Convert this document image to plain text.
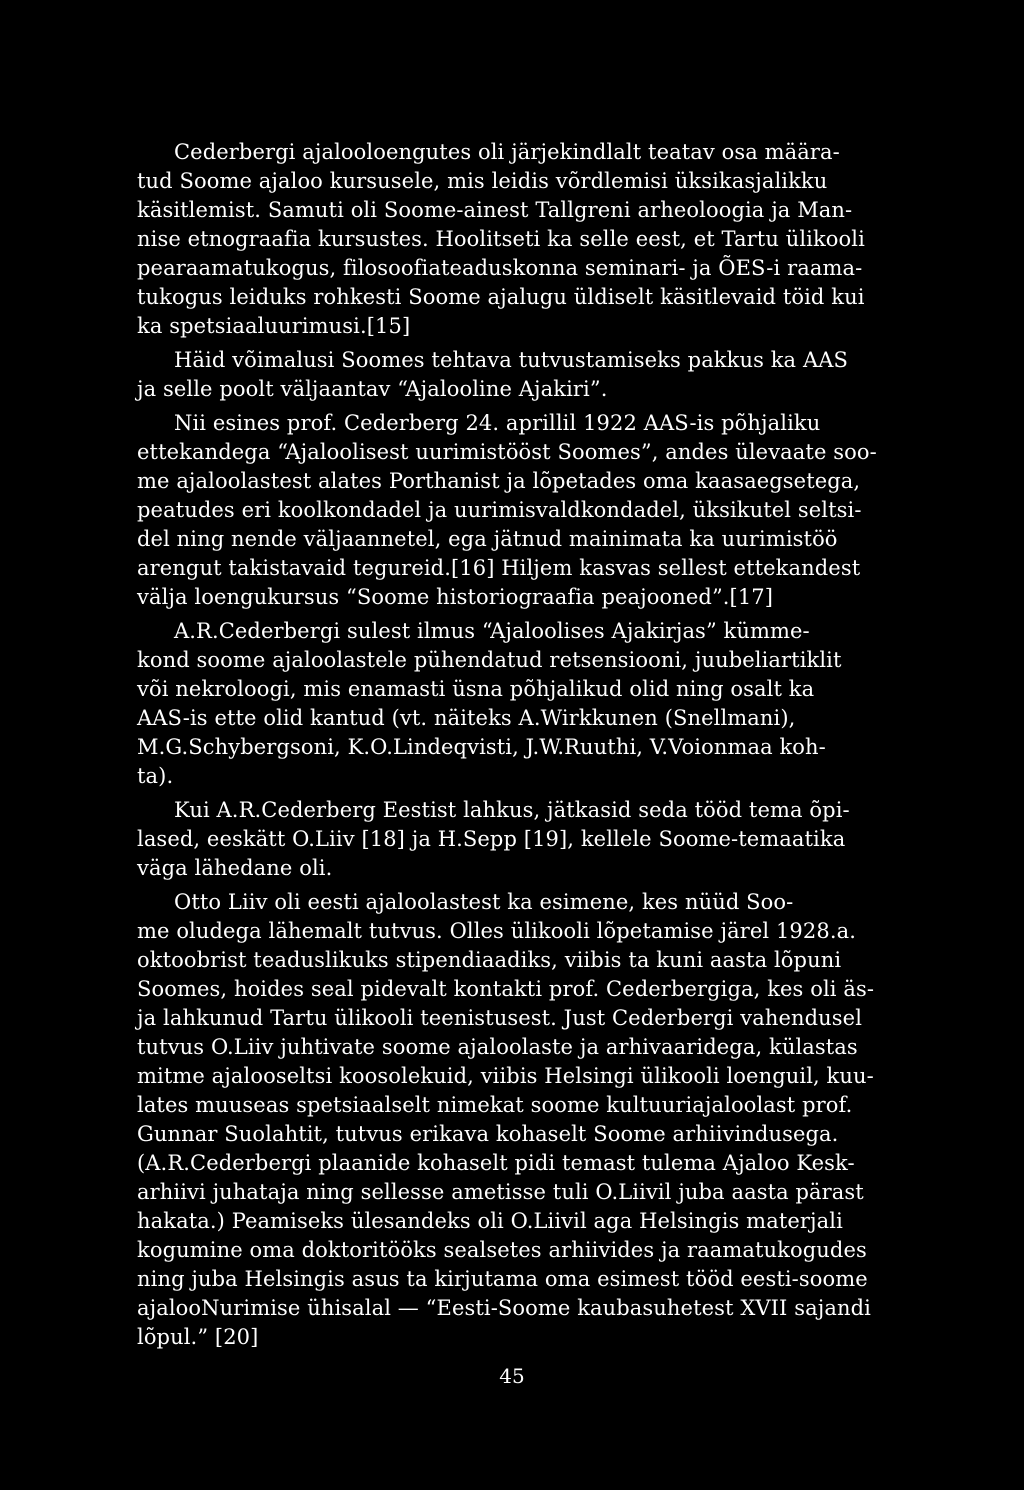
Cederbergi ajalooloengutes oli järjekindlalt teatav osa määra-
tud Soome ajaloo kursusele, mis leidis võrdlemisi üksikasjalikku
käsitlemist. Samuti oli Soome-ainest Tallgreni arheoloogia ja Man-
nise etnograafia kursustes. Hoolitseti ka selle eest, et Tartu ülikooli
pearaamatukogus, filosoofiateaduskonna seminari- ja ÕES-i raama-
tukogus leiduks rohkesti Soome ajalugu üldiselt käsitlevaid töid kui
ka spetsiaaluurimusi.[15]
Häid võimalusi Soomes tehtava tutvustamiseks pakkus ka AAS
ja selle poolt väljaantav “Ajalooline Ajakiri”.
Nii esines prof. Cederberg 24. aprillil 1922 AAS-is põhjaliku
ettekandega “Ajaloolisest uurimistööst Soomes”, andes ülevaate soo-
me ajaloolastest alates Porthanist ja lõpetades oma kaasaegsetega,
peatudes eri koolkondadel ja uurimisvaldkondadel, üksikutel seltsi-
del ning nende väljaannetel, ega jätnud mainimata ka uurimistöö
arengut takistavaid tegureid.[16] Hiljem kasvas sellest ettekandest
välja loengukursus “Soome historiograafia peajooned”.[17]
A.R.Cederbergi sulest ilmus “Ajaloolises Ajakirjas” kümme-
kond soome ajaloolastele pühendatud retsensiooni, juubeliartiklit
või nekroloogi, mis enamasti üsna põhjalikud olid ning osalt ka
AAS-is ette olid kantud (vt. näiteks A.Wirkkunen (Snellmani),
M.G.Schybergsoni, K.O.Lindeqvisti, J.W.Ruuthi, V.Voionmaa koh-
ta).
Kui A.R.Cederberg Eestist lahkus, jätkasid seda tööd tema õpi-
lased, eeskätt O.Liiv [18] ja H.Sepp [19], kellele Soome-temaatika
väga lähedane oli.
Otto Liiv oli eesti ajaloolastest ka esimene, kes nüüd Soo-
me oludega lähemalt tutvus. Olles ülikooli lõpetamise järel 1928.a.
oktoobrist teaduslikuks stipendiaadiks, viibis ta kuni aasta lõpuni
Soomes, hoides seal pidevalt kontakti prof. Cederbergiga, kes oli äs-
ja lahkunud Tartu ülikooli teenistusest. Just Cederbergi vahendusel
tutvus O.Liiv juhtivate soome ajaloolaste ja arhivaaridega, külastas
mitme ajalooseltsi koosolekuid, viibis Helsingi ülikooli loenguil, kuu-
lates muuseas spetsiaalselt nimekat soome kultuuriajaloolast prof.
Gunnar Suolahtit, tutvus erikava kohaselt Soome arhiivindusega.
(A.R.Cederbergi plaanide kohaselt pidi temast tulema Ajaloo Kesk-
arhiivi juhataja ning sellesse ametisse tuli O.Liivil juba aasta pärast
hakata.) Peamiseks ülesandeks oli O.Liivil aga Helsingis materjali
kogumine oma doktoritööks sealsetes arhiivides ja raamatukogudes
ning juba Helsingis asus ta kirjutama oma esimest tööd eesti-soome
ajalooNurimise ühisalal — “Eesti-Soome kaubasuhetest XVII sajandi
lõpul.” [20]
45
